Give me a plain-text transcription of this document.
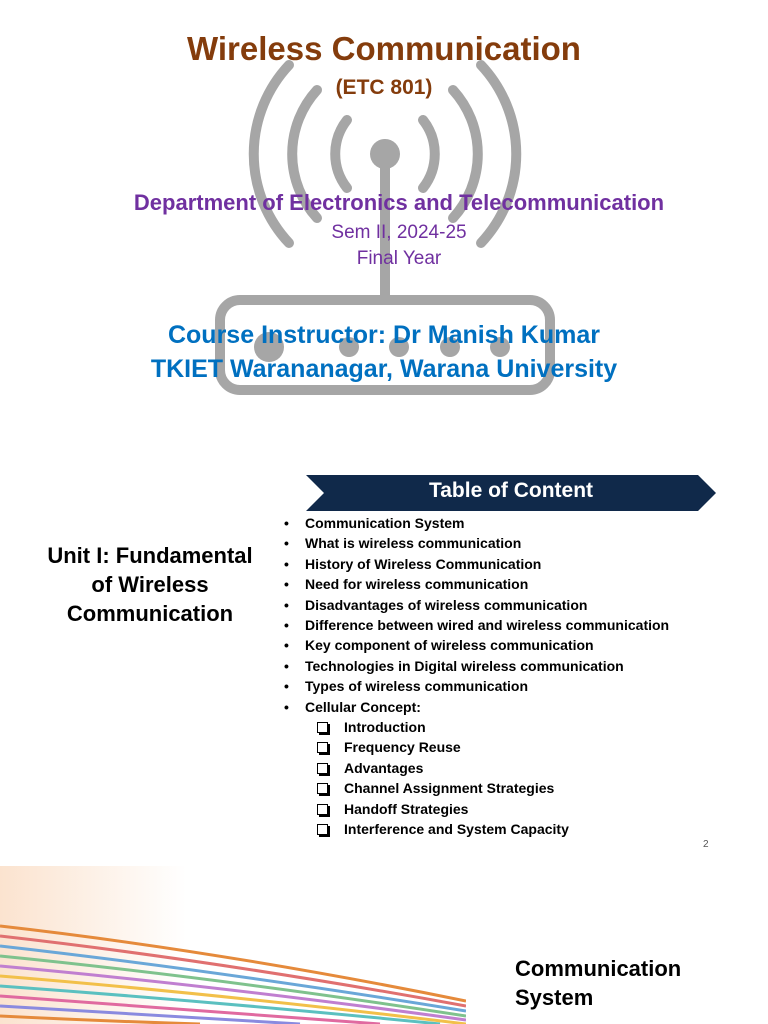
Wireless Communication
(ETC 801)
Department of Electronics and Telecommunication
Sem II, 2024-25
Final Year
Course Instructor: Dr Manish Kumar
TKIET Warananagar, Warana University
Table of Content
Unit I: Fundamental of Wireless Communication
• Communication System
• What is wireless communication
• History of Wireless Communication
• Need for wireless communication
• Disadvantages of wireless communication
• Difference between wired and wireless communication
• Key component of wireless communication
• Technologies in Digital wireless communication
• Types of wireless communication
• Cellular Concept:
Introduction
Frequency Reuse
Advantages
Channel Assignment Strategies
Handoff Strategies
Interference and System Capacity
2
Communication System
